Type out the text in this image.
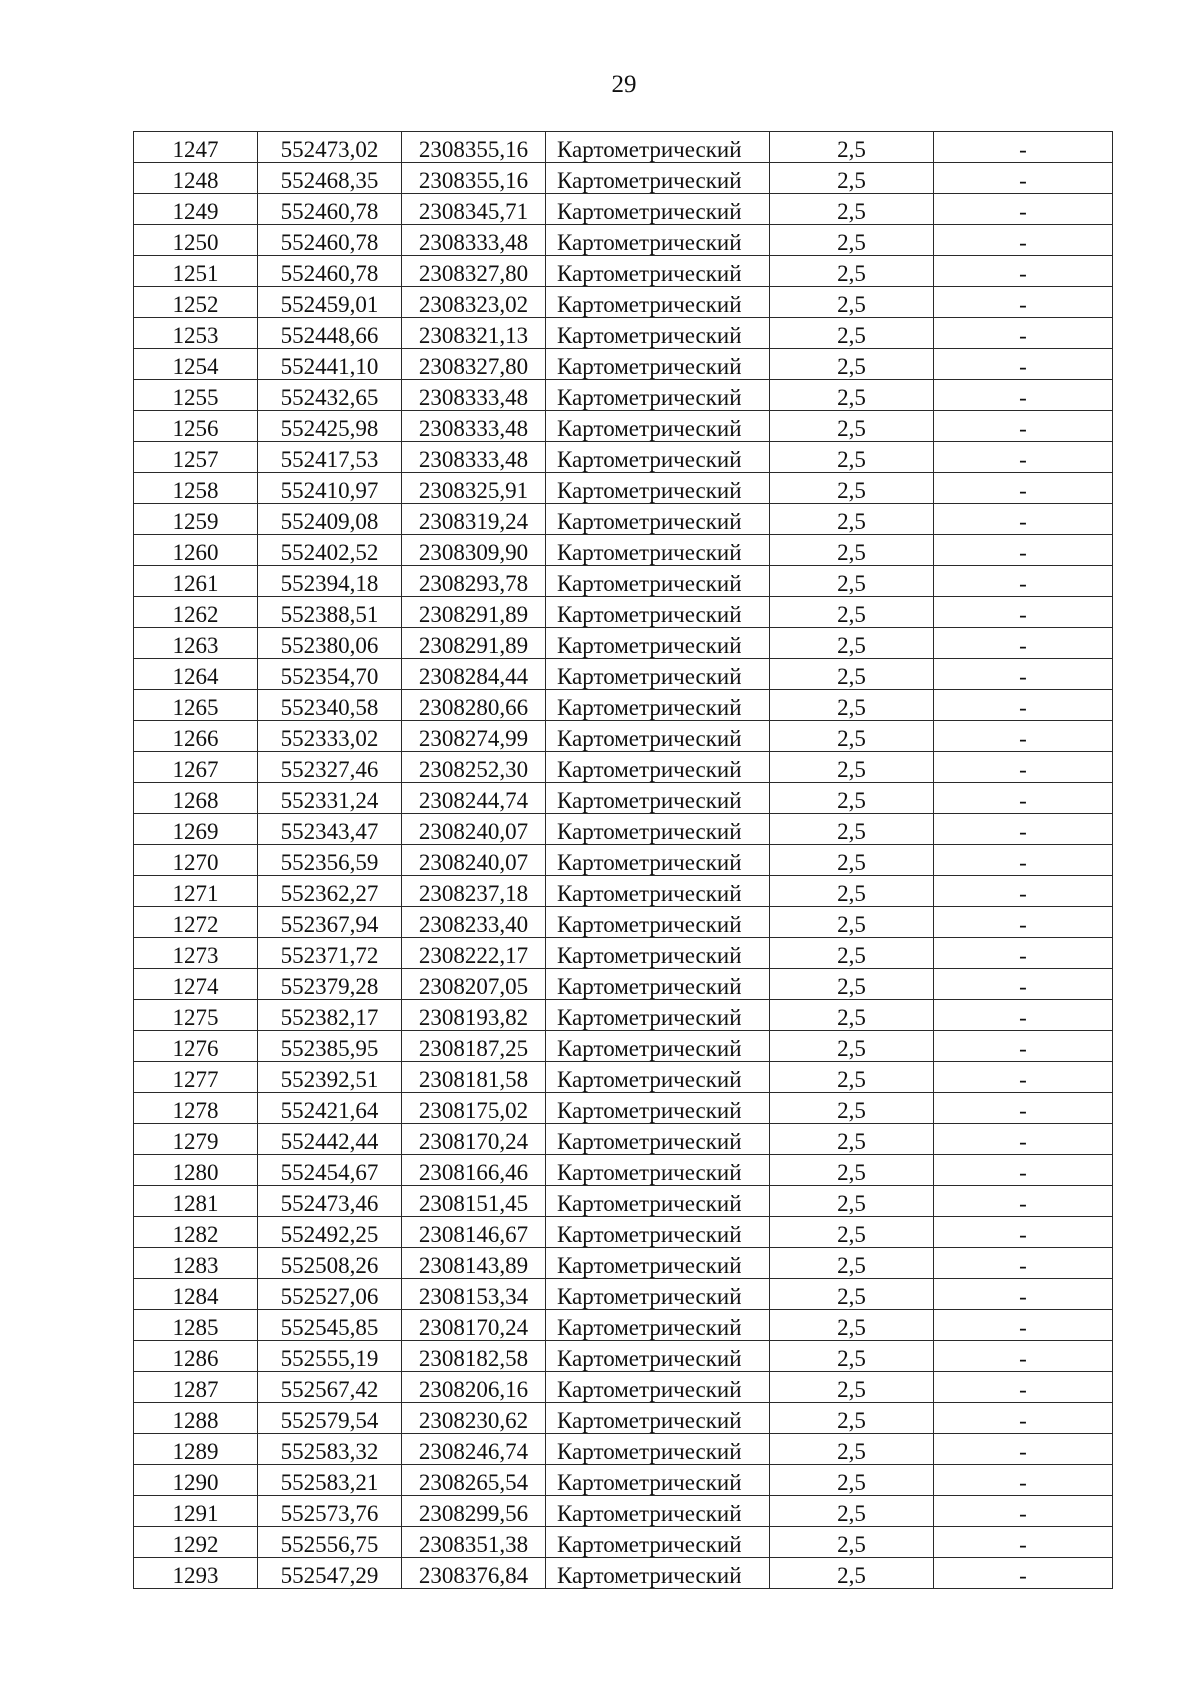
29
1247	552473,02	2308355,16	Картометрический	2,5	-
1248	552468,35	2308355,16	Картометрический	2,5	-
1249	552460,78	2308345,71	Картометрический	2,5	-
1250	552460,78	2308333,48	Картометрический	2,5	-
1251	552460,78	2308327,80	Картометрический	2,5	-
1252	552459,01	2308323,02	Картометрический	2,5	-
1253	552448,66	2308321,13	Картометрический	2,5	-
1254	552441,10	2308327,80	Картометрический	2,5	-
1255	552432,65	2308333,48	Картометрический	2,5	-
1256	552425,98	2308333,48	Картометрический	2,5	-
1257	552417,53	2308333,48	Картометрический	2,5	-
1258	552410,97	2308325,91	Картометрический	2,5	-
1259	552409,08	2308319,24	Картометрический	2,5	-
1260	552402,52	2308309,90	Картометрический	2,5	-
1261	552394,18	2308293,78	Картометрический	2,5	-
1262	552388,51	2308291,89	Картометрический	2,5	-
1263	552380,06	2308291,89	Картометрический	2,5	-
1264	552354,70	2308284,44	Картометрический	2,5	-
1265	552340,58	2308280,66	Картометрический	2,5	-
1266	552333,02	2308274,99	Картометрический	2,5	-
1267	552327,46	2308252,30	Картометрический	2,5	-
1268	552331,24	2308244,74	Картометрический	2,5	-
1269	552343,47	2308240,07	Картометрический	2,5	-
1270	552356,59	2308240,07	Картометрический	2,5	-
1271	552362,27	2308237,18	Картометрический	2,5	-
1272	552367,94	2308233,40	Картометрический	2,5	-
1273	552371,72	2308222,17	Картометрический	2,5	-
1274	552379,28	2308207,05	Картометрический	2,5	-
1275	552382,17	2308193,82	Картометрический	2,5	-
1276	552385,95	2308187,25	Картометрический	2,5	-
1277	552392,51	2308181,58	Картометрический	2,5	-
1278	552421,64	2308175,02	Картометрический	2,5	-
1279	552442,44	2308170,24	Картометрический	2,5	-
1280	552454,67	2308166,46	Картометрический	2,5	-
1281	552473,46	2308151,45	Картометрический	2,5	-
1282	552492,25	2308146,67	Картометрический	2,5	-
1283	552508,26	2308143,89	Картометрический	2,5	-
1284	552527,06	2308153,34	Картометрический	2,5	-
1285	552545,85	2308170,24	Картометрический	2,5	-
1286	552555,19	2308182,58	Картометрический	2,5	-
1287	552567,42	2308206,16	Картометрический	2,5	-
1288	552579,54	2308230,62	Картометрический	2,5	-
1289	552583,32	2308246,74	Картометрический	2,5	-
1290	552583,21	2308265,54	Картометрический	2,5	-
1291	552573,76	2308299,56	Картометрический	2,5	-
1292	552556,75	2308351,38	Картометрический	2,5	-
1293	552547,29	2308376,84	Картометрический	2,5	-
